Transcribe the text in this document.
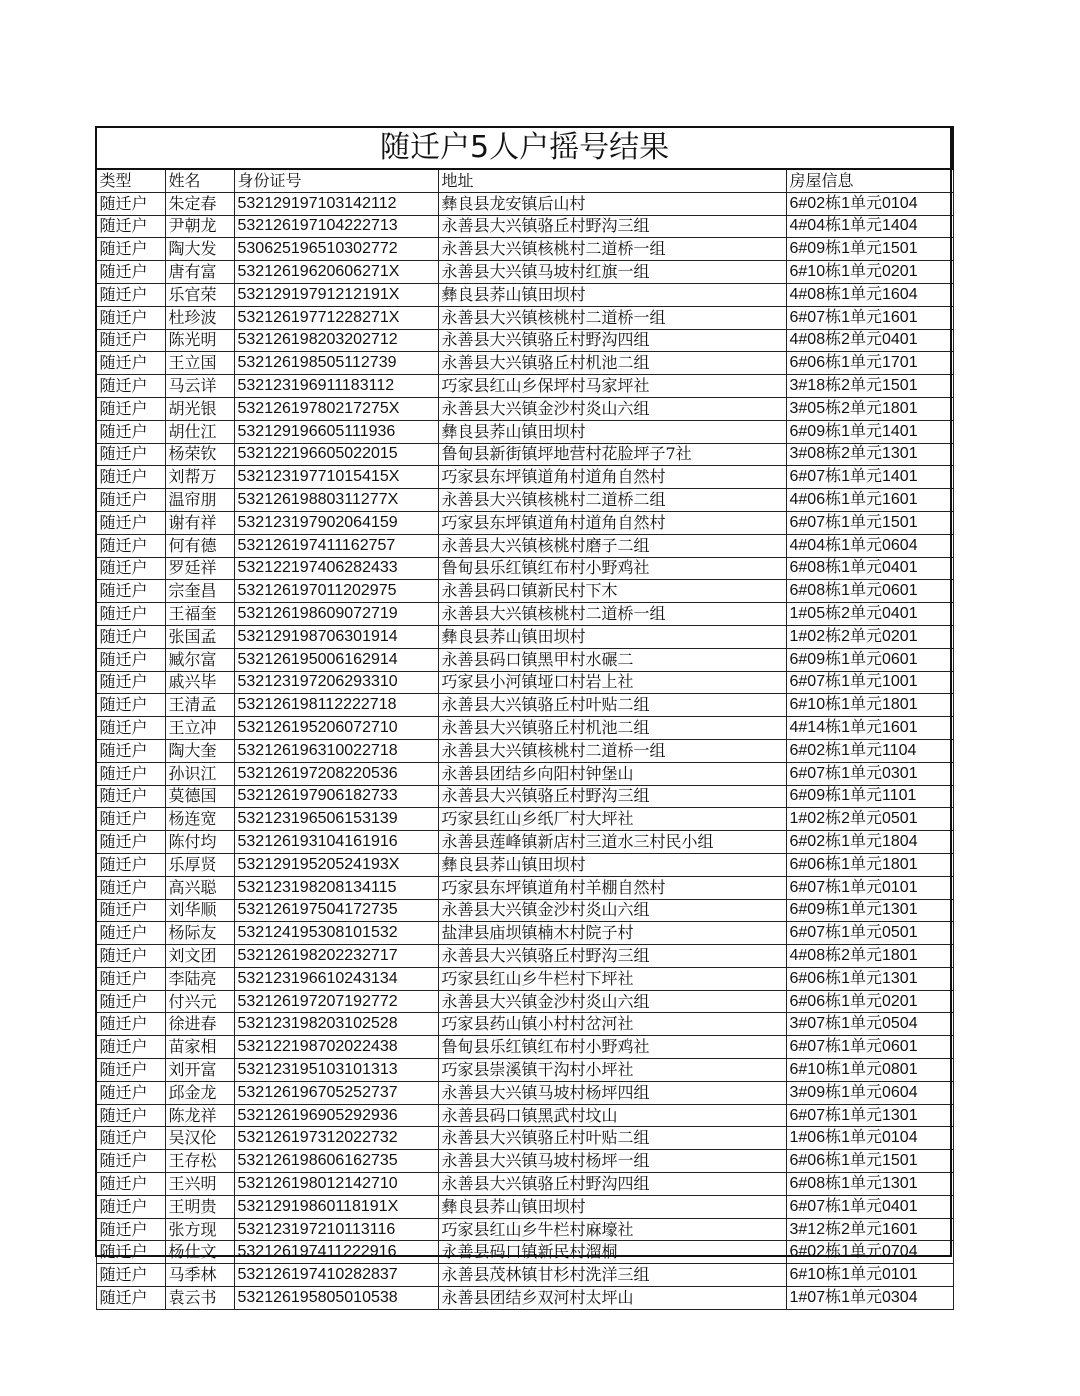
随迁户5人户摇号结果				
类型	姓名	身份证号	地址	房屋信息
随迁户	朱定春	532129197103142112	彝良县龙安镇后山村	6#02栋1单元0104
随迁户	尹朝龙	532126197104222713	永善县大兴镇骆丘村野沟三组	4#04栋1单元1404
随迁户	陶大发	530625196510302772	永善县大兴镇核桃村二道桥一组	6#09栋1单元1501
随迁户	唐有富	53212619620606271X	永善县大兴镇马坡村红旗一组	6#10栋1单元0201
随迁户	乐官荣	53212919791212191X	彝良县荞山镇田坝村	4#08栋1单元1604
随迁户	杜珍波	53212619771228271X	永善县大兴镇核桃村二道桥一组	6#07栋1单元1601
随迁户	陈光明	532126198203202712	永善县大兴镇骆丘村野沟四组	4#08栋2单元0401
随迁户	王立国	532126198505112739	永善县大兴镇骆丘村机池二组	6#06栋1单元1701
随迁户	马云详	532123196911183112	巧家县红山乡保坪村马家坪社	3#18栋2单元1501
随迁户	胡光银	53212619780217275X	永善县大兴镇金沙村炎山六组	3#05栋2单元1801
随迁户	胡仕江	532129196605111936	彝良县荞山镇田坝村	6#09栋1单元1401
随迁户	杨荣钦	532122196605022015	鲁甸县新街镇坪地营村花脸坪子7社	3#08栋2单元1301
随迁户	刘帮万	53212319771015415X	巧家县东坪镇道角村道角自然村	6#07栋1单元1401
随迁户	温帘朋	53212619880311277X	永善县大兴镇核桃村二道桥二组	4#06栋1单元1601
随迁户	谢有祥	532123197902064159	巧家县东坪镇道角村道角自然村	6#07栋1单元1501
随迁户	何有德	532126197411162757	永善县大兴镇核桃村磨子二组	4#04栋1单元0604
随迁户	罗廷祥	532122197406282433	鲁甸县乐红镇红布村小野鸡社	6#08栋1单元0401
随迁户	宗奎昌	532126197011202975	永善县码口镇新民村下木	6#08栋1单元0601
随迁户	王福奎	532126198609072719	永善县大兴镇核桃村二道桥一组	1#05栋2单元0401
随迁户	张国孟	532129198706301914	彝良县荞山镇田坝村	1#02栋2单元0201
随迁户	臧尔富	532126195006162914	永善县码口镇黑甲村水碾二	6#09栋1单元0601
随迁户	戚兴毕	532123197206293310	巧家县小河镇垭口村岩上社	6#07栋1单元1001
随迁户	王清孟	532126198112222718	永善县大兴镇骆丘村叶贴二组	6#10栋1单元1801
随迁户	王立冲	532126195206072710	永善县大兴镇骆丘村机池二组	4#14栋1单元1601
随迁户	陶大奎	532126196310022718	永善县大兴镇核桃村二道桥一组	6#02栋1单元1104
随迁户	孙识江	532126197208220536	永善县团结乡向阳村钟堡山	6#07栋1单元0301
随迁户	莫德国	532126197906182733	永善县大兴镇骆丘村野沟三组	6#09栋1单元1101
随迁户	杨连宽	532123196506153139	巧家县红山乡纸厂村大坪社	1#02栋2单元0501
随迁户	陈付均	532126193104161916	永善县莲峰镇新店村三道水三村民小组	6#02栋1单元1804
随迁户	乐厚贤	53212919520524193X	彝良县荞山镇田坝村	6#06栋1单元1801
随迁户	高兴聪	532123198208134115	巧家县东坪镇道角村羊棚自然村	6#07栋1单元0101
随迁户	刘华顺	532126197504172735	永善县大兴镇金沙村炎山六组	6#09栋1单元1301
随迁户	杨际友	532124195308101532	盐津县庙坝镇楠木村院子村	6#07栋1单元0501
随迁户	刘文团	532126198202232717	永善县大兴镇骆丘村野沟三组	4#08栋2单元1801
随迁户	李陆亮	532123196610243134	巧家县红山乡牛栏村下坪社	6#06栋1单元1301
随迁户	付兴元	532126197207192772	永善县大兴镇金沙村炎山六组	6#06栋1单元0201
随迁户	徐进春	532123198203102528	巧家县药山镇小村村岔河社	3#07栋1单元0504
随迁户	苗家相	532122198702022438	鲁甸县乐红镇红布村小野鸡社	6#07栋1单元0601
随迁户	刘开富	532123195103101313	巧家县崇溪镇干沟村小坪社	6#10栋1单元0801
随迁户	邱金龙	532126196705252737	永善县大兴镇马坡村杨坪四组	3#09栋1单元0604
随迁户	陈龙祥	532126196905292936	永善县码口镇黑武村坟山	6#07栋1单元1301
随迁户	吴汉伦	532126197312022732	永善县大兴镇骆丘村叶贴二组	1#06栋1单元0104
随迁户	王存松	532126198606162735	永善县大兴镇马坡村杨坪一组	6#06栋1单元1501
随迁户	王兴明	532126198012142710	永善县大兴镇骆丘村野沟四组	6#08栋1单元1301
随迁户	王明贵	53212919860118191X	彝良县荞山镇田坝村	6#07栋1单元0401
随迁户	张方现	532123197210113116	巧家县红山乡牛栏村麻壕社	3#12栋2单元1601
随迁户	杨仕文	532126197411222916	永善县码口镇新民村溜桐	6#02栋1单元0704
随迁户	马季林	532126197410282837	永善县茂林镇甘杉村洗洋三组	6#10栋1单元0101
随迁户	袁云书	532126195805010538	永善县团结乡双河村太坪山	1#07栋1单元0304
